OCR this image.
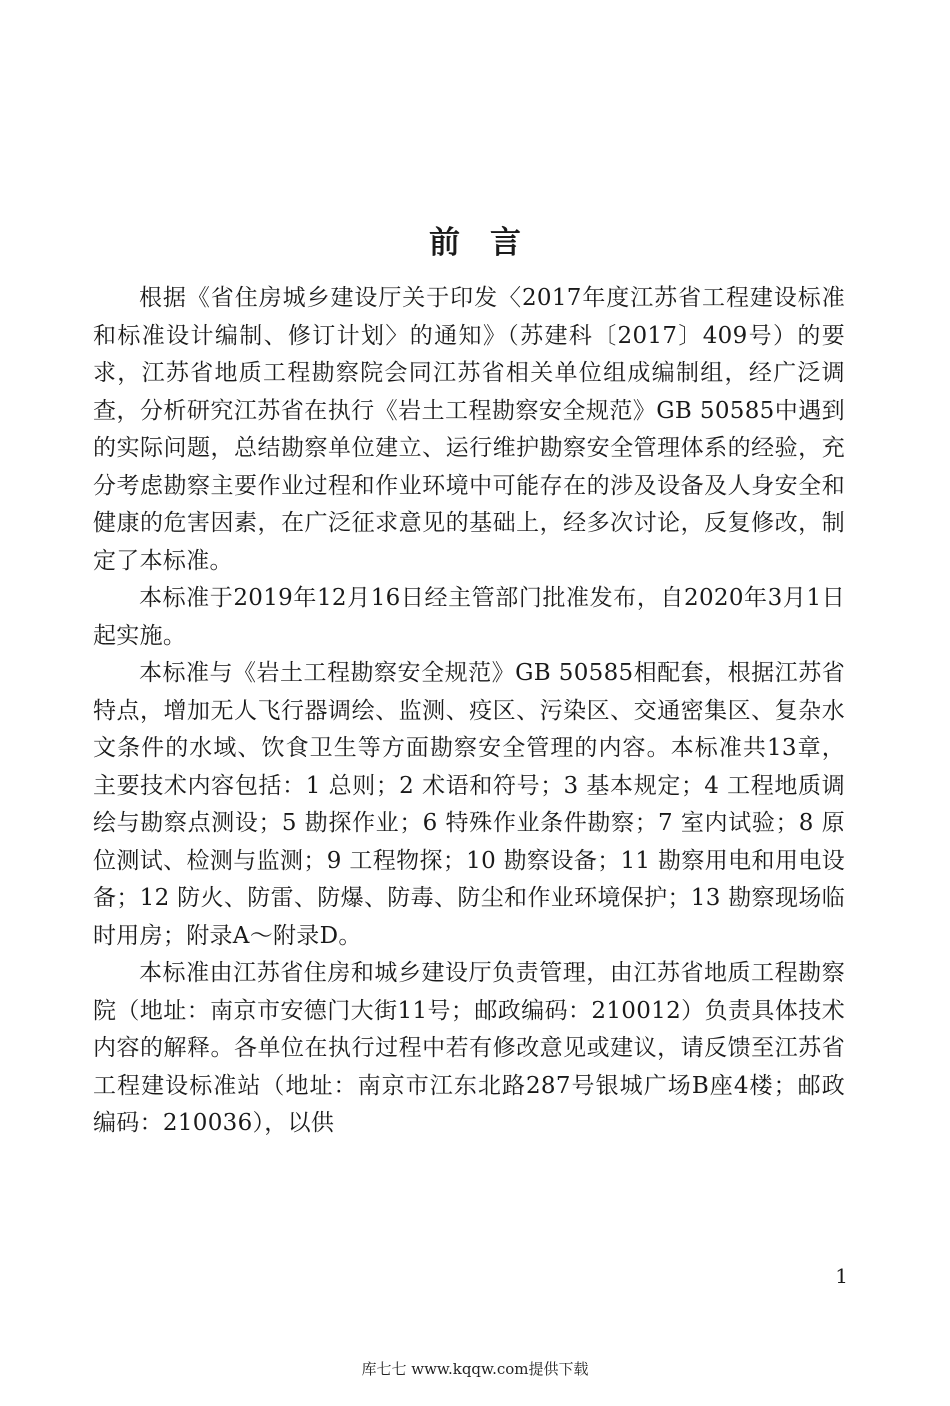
前言

根据《省住房城乡建设厅关于印发〈2017年度江苏省工程建设标准和标准设计编制、修订计划〉的通知》（苏建科〔2017〕409号）的要求，江苏省地质工程勘察院会同江苏省相关单位组成编制组，经广泛调查，分析研究江苏省在执行《岩土工程勘察安全规范》GB 50585中遇到的实际问题，总结勘察单位建立、运行维护勘察安全管理体系的经验，充分考虑勘察主要作业过程和作业环境中可能存在的涉及设备及人身安全和健康的危害因素，在广泛征求意见的基础上，经多次讨论，反复修改，制定了本标准。

本标准于2019年12月16日经主管部门批准发布，自2020年3月1日起实施。

本标准与《岩土工程勘察安全规范》GB 50585相配套，根据江苏省特点，增加无人飞行器调绘、监测、疫区、污染区、交通密集区、复杂水文条件的水域、饮食卫生等方面勘察安全管理的内容。本标准共13章，主要技术内容包括：1 总则；2 术语和符号；3 基本规定；4 工程地质调绘与勘察点测设；5 勘探作业；6 特殊作业条件勘察；7 室内试验；8 原位测试、检测与监测；9 工程物探；10 勘察设备；11 勘察用电和用电设备；12 防火、防雷、防爆、防毒、防尘和作业环境保护；13 勘察现场临时用房；附录A～附录D。

本标准由江苏省住房和城乡建设厅负责管理，由江苏省地质工程勘察院（地址：南京市安德门大街11号；邮政编码：210012）负责具体技术内容的解释。各单位在执行过程中若有修改意见或建议，请反馈至江苏省工程建设标准站（地址：南京市江东北路287号银城广场B座4楼；邮政编码：210036），以供

1
库七七 www.kqqw.com提供下载
